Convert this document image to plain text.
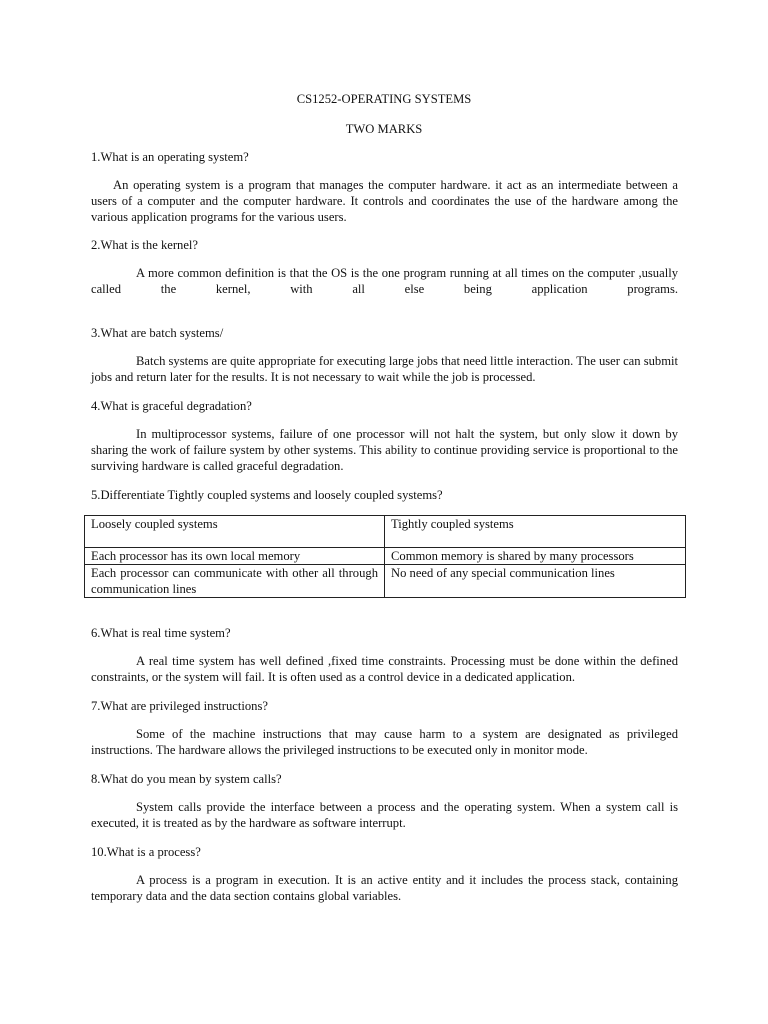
CS1252-OPERATING SYSTEMS

TWO MARKS

1.What is an operating system?

An operating system is a program that manages the computer hardware. it act as an intermediate between a users of a computer and the computer hardware. It controls and coordinates the use of the hardware among the various application programs for the various users.

2.What is the kernel?

A more common definition is that the OS is the one program running at all times on the computer ,usually called the kernel, with all else being application programs.

3.What are batch systems/

Batch systems are quite appropriate for executing large jobs that need little interaction. The user can submit jobs and return later for the results. It is not necessary to wait while the job is processed.

4.What is graceful degradation?

In multiprocessor systems, failure of one processor will not halt the system, but only slow it down by sharing the work of failure system by other systems. This ability to continue providing service is proportional to the surviving hardware is called graceful degradation.

5.Differentiate Tightly coupled systems and loosely coupled systems?

Loosely coupled systems	Tightly coupled systems
Each processor has its own local memory	Common memory is shared by many processors
Each processor can communicate with other all through communication lines	No need of any special communication lines

6.What is real time system?

A real time system has well defined ,fixed time constraints. Processing must be done within the defined constraints, or the system will fail. It is often used as a control device in a dedicated application.

7.What are privileged instructions?

Some of the machine instructions that may cause harm to a system are designated as privileged instructions. The hardware allows the privileged instructions to be executed only in monitor mode.

8.What do you mean by system calls?

System calls provide the interface between a process and the operating system. When a system call is executed, it is treated as by the hardware as software interrupt.

10.What is a process?

A process is a program in execution. It is an active entity and it includes the process stack, containing temporary data and the data section contains global variables.
